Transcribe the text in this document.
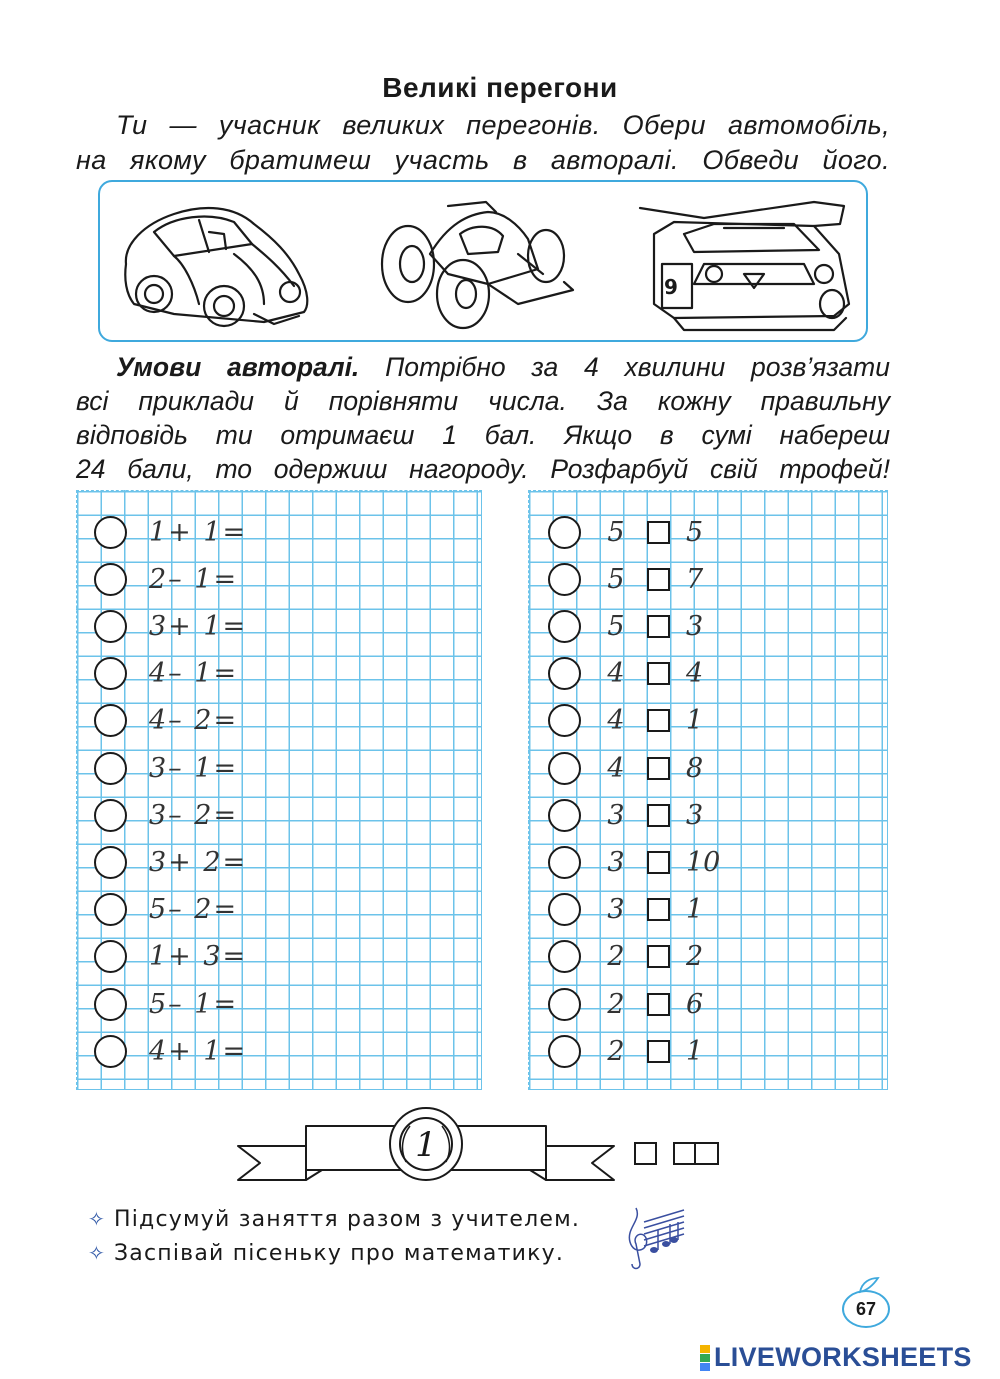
Великі перегони
Ти — учасник великих перегонів. Обери автомобіль,
на якому братимеш участь в авторалі. Обведи його.
9
Умови авторалі. Потрібно за 4 хвилини розв’язати
всі приклади й порівняти числа. За кожну правильну
відповідь ти отримаєш 1 бал. Якщо в сумі набереш
24 бали, то одержиш нагороду. Розфарбуй свій трофей!
1+ 1=
2– 1=
3+ 1=
4– 1=
4– 2=
3– 1=
3– 2=
3+ 2=
5– 2=
1+ 3=
5– 1=
4+ 1=
5 5
5 7
5 3
4 4
4 1
4 8
3 3
3 10
3 1
2 2
2 6
2 1
1
✧ Підсумуй заняття разом з учителем.
✧ Заспівай пісеньку про математику.
67
LIVEWORKSHEETS
